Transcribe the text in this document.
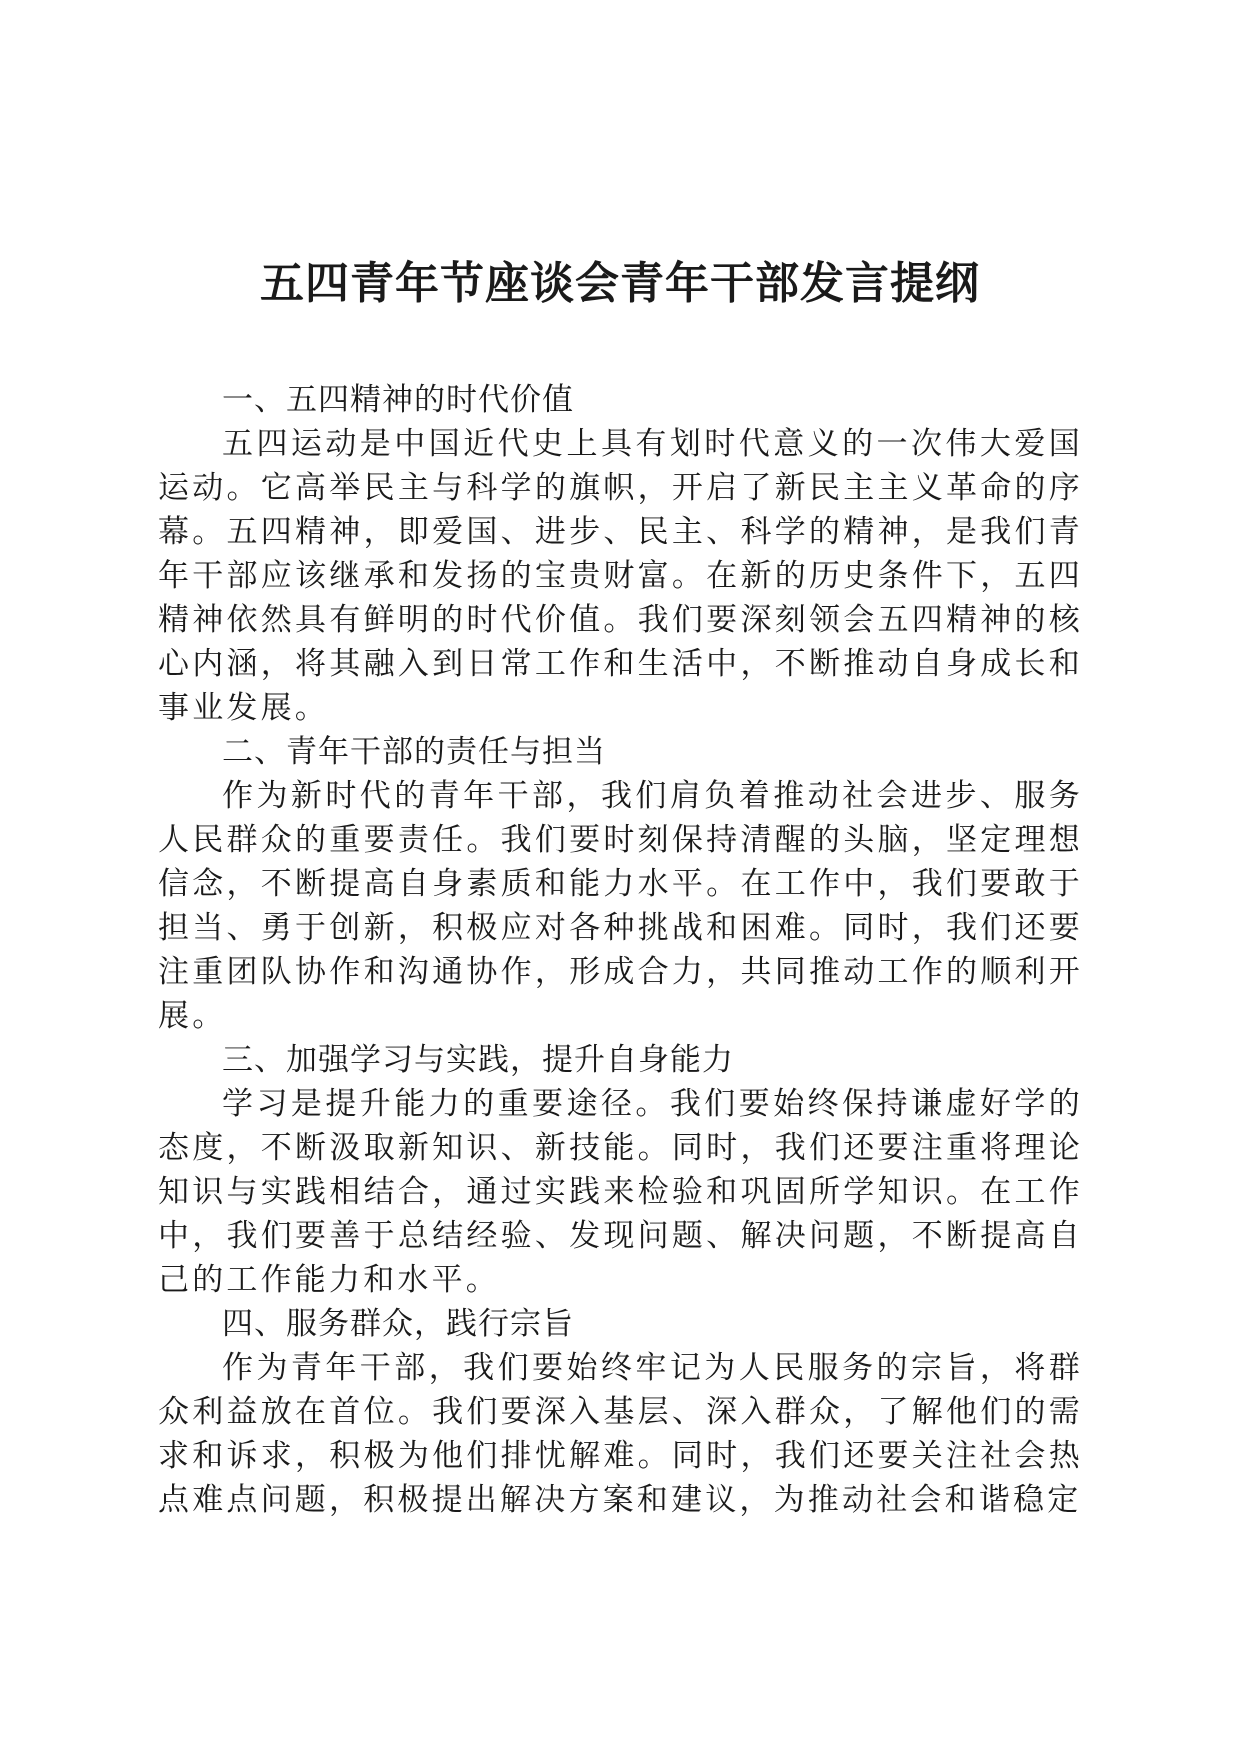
五四青年节座谈会青年干部发言提纲
一、五四精神的时代价值

五四运动是中国近代史上具有划时代意义的一次伟大爱国运动。它高举民主与科学的旗帜，开启了新民主主义革命的序幕。五四精神，即爱国、进步、民主、科学的精神，是我们青年干部应该继承和发扬的宝贵财富。在新的历史条件下，五四精神依然具有鲜明的时代价值。我们要深刻领会五四精神的核心内涵，将其融入到日常工作和生活中，不断推动自身成长和事业发展。

二、青年干部的责任与担当

作为新时代的青年干部，我们肩负着推动社会进步、服务人民群众的重要责任。我们要时刻保持清醒的头脑，坚定理想信念，不断提高自身素质和能力水平。在工作中，我们要敢于担当、勇于创新，积极应对各种挑战和困难。同时，我们还要注重团队协作和沟通协作，形成合力，共同推动工作的顺利开展。

三、加强学习与实践，提升自身能力

学习是提升能力的重要途径。我们要始终保持谦虚好学的态度，不断汲取新知识、新技能。同时，我们还要注重将理论知识与实践相结合，通过实践来检验和巩固所学知识。在工作中，我们要善于总结经验、发现问题、解决问题，不断提高自己的工作能力和水平。

四、服务群众，践行宗旨

作为青年干部，我们要始终牢记为人民服务的宗旨，将群众利益放在首位。我们要深入基层、深入群众，了解他们的需求和诉求，积极为他们排忧解难。同时，我们还要关注社会热点难点问题，积极提出解决方案和建议，为推动社会和谐稳定
